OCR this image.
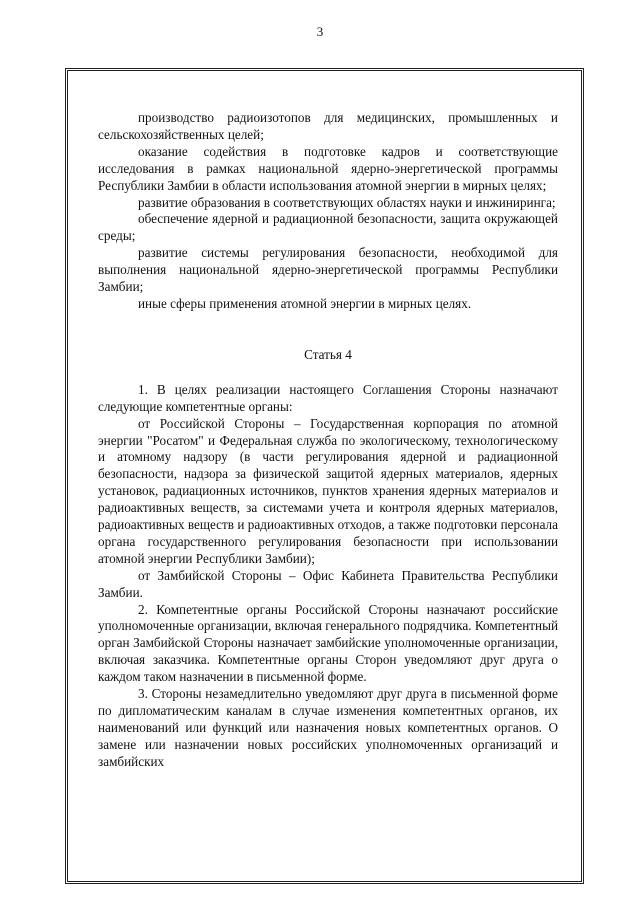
3

производство радиоизотопов для медицинских, промышленных и сельскохозяйственных целей;

оказание содействия в подготовке кадров и соответствующие исследования в рамках национальной ядерно-энергетической программы Республики Замбии в области использования атомной энергии в мирных целях;

развитие образования в соответствующих областях науки и инжиниринга;

обеспечение ядерной и радиационной безопасности, защита окружающей среды;

развитие системы регулирования безопасности, необходимой для выполнения национальной ядерно-энергетической программы Республики Замбии;

иные сферы применения атомной энергии в мирных целях.

Статья 4

1. В целях реализации настоящего Соглашения Стороны назначают следующие компетентные органы:

от Российской Стороны – Государственная корпорация по атомной энергии "Росатом" и Федеральная служба по экологическому, технологическому и атомному надзору (в части регулирования ядерной и радиационной безопасности, надзора за физической защитой ядерных материалов, ядерных установок, радиационных источников, пунктов хранения ядерных материалов и радиоактивных веществ, за системами учета и контроля ядерных материалов, радиоактивных веществ и радиоактивных отходов, а также подготовки персонала органа государственного регулирования безопасности при использовании атомной энергии Республики Замбии);

от Замбийской Стороны – Офис Кабинета Правительства Республики Замбии.

2. Компетентные органы Российской Стороны назначают российские уполномоченные организации, включая генерального подрядчика. Компетентный орган Замбийской Стороны назначает замбийские уполномоченные организации, включая заказчика. Компетентные органы Сторон уведомляют друг друга о каждом таком назначении в письменной форме.

3. Стороны незамедлительно уведомляют друг друга в письменной форме по дипломатическим каналам в случае изменения компетентных органов, их наименований или функций или назначения новых компетентных органов. О замене или назначении новых российских уполномоченных организаций и замбийских
